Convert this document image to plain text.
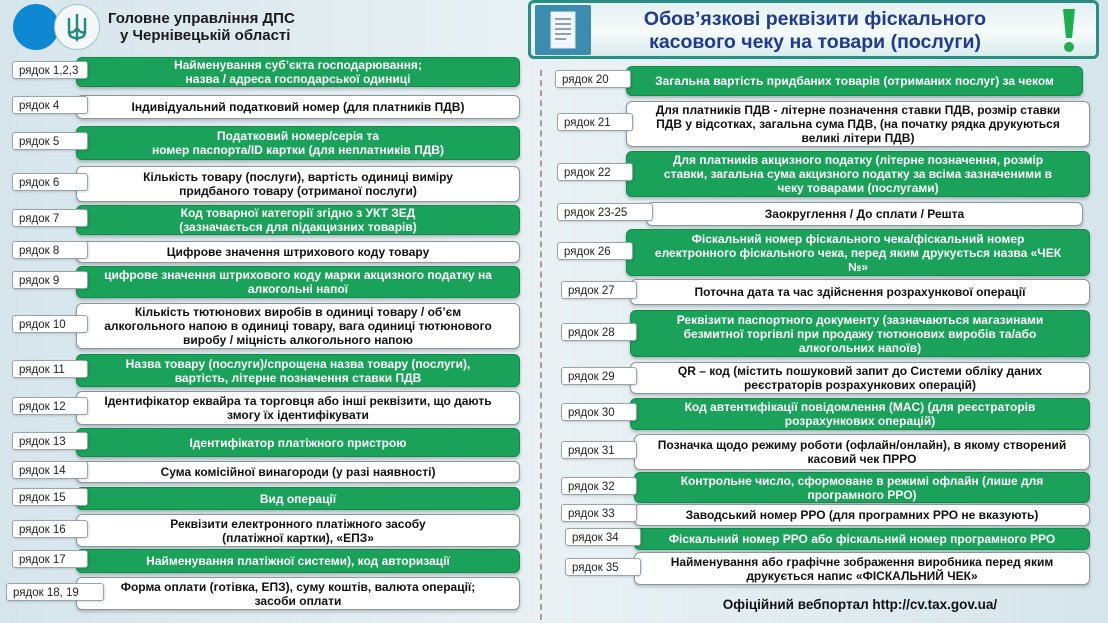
Головне управління ДПС
у Чернівецькій області
Обов’язкові реквізити фіскального
касового чеку на товари (послуги)
Найменування суб’єкта господарювання;
назва / адреса господарської одиниці
рядок 1,2,3
Індивідуальний податковий номер (для платників ПДВ)
рядок 4
Податковий номер/серія та
номер паспорта/ID картки (для неплатників ПДВ)
рядок 5
Кількість товару (послуги), вартість одиниці виміру
придбаного товару (отриманої послуги)
рядок 6
Код товарної категорії згідно з УКТ ЗЕД
(зазначається для підакцизних товарів)
рядок 7
Цифрове значення штрихового коду товару
рядок 8
цифрове значення штрихового коду марки акцизного податку на
алкогольні напої
рядок 9
Кількість тютюнових виробів в одиниці товару / об’єм
алкогольного напою в одиниці товару, вага одиниці тютюнового
виробу / міцність алкогольного напою
рядок 10
Назва товару (послуги)/спрощена назва товару (послуги),
вартість, літерне позначення ставки ПДВ
рядок 11
Ідентифікатор еквайра та торговця або інші реквізити, що дають
змогу їх ідентифікувати
рядок 12
Ідентифікатор платіжного пристрою
рядок 13
Сума комісійної винагороди (у разі наявності)
рядок 14
Вид операції
рядок 15
Реквізити електронного платіжного засобу
(платіжної картки), «ЕПЗ»
рядок 16
Найменування платіжної системи), код авторизації
рядок 17
Форма оплати (готівка, ЕПЗ), суму коштів, валюта операції;
засоби оплати
рядок 18, 19
Загальна вартість придбаних товарів (отриманих послуг) за чеком
рядок 20
Для платників ПДВ - літерне позначення ставки ПДВ, розмір ставки
ПДВ у відсотках, загальна сума ПДВ, (на початку рядка друкуються
великі літери ПДВ)
рядок 21
Для платників акцизного податку (літерне позначення, розмір
ставки, загальна сума акцизного податку за всіма зазначеними в
чеку товарами (послугами)
рядок 22
Заокруглення / До сплати / Решта
рядок 23-25
Фіскальний номер фіскального чека/фіскальний номер
електронного фіскального чека, перед яким друкується назва «ЧЕК
№»
рядок 26
Поточна дата та час здійснення розрахункової операції
рядок 27
Реквізити паспортного документу (зазначаються магазинами
безмитної торгівлі при продажу тютюнових виробів та/або
алкогольних напоїв)
рядок 28
QR – код (містить пошуковий запит до Системи обліку даних
реєстраторів розрахункових операцій)
рядок 29
Код автентифікації повідомлення (MAC) (для реєстраторів
розрахункових операцій)
рядок 30
Позначка щодо режиму роботи (офлайн/онлайн), в якому створений
касовий чек ПРРО
рядок 31
Контрольне число, сформоване в режимі офлайн (лише для
програмного РРО)
рядок 32
Заводський номер РРО (для програмних РРО не вказують)
рядок 33
Фіскальний номер РРО або фіскальний номер програмного РРО
рядок 34
Найменування або графічне зображення виробника перед яким
друкується напис «ФІСКАЛЬНИЙ ЧЕК»
рядок 35
Офіційний вебпортал http://cv.tax.gov.ua/
